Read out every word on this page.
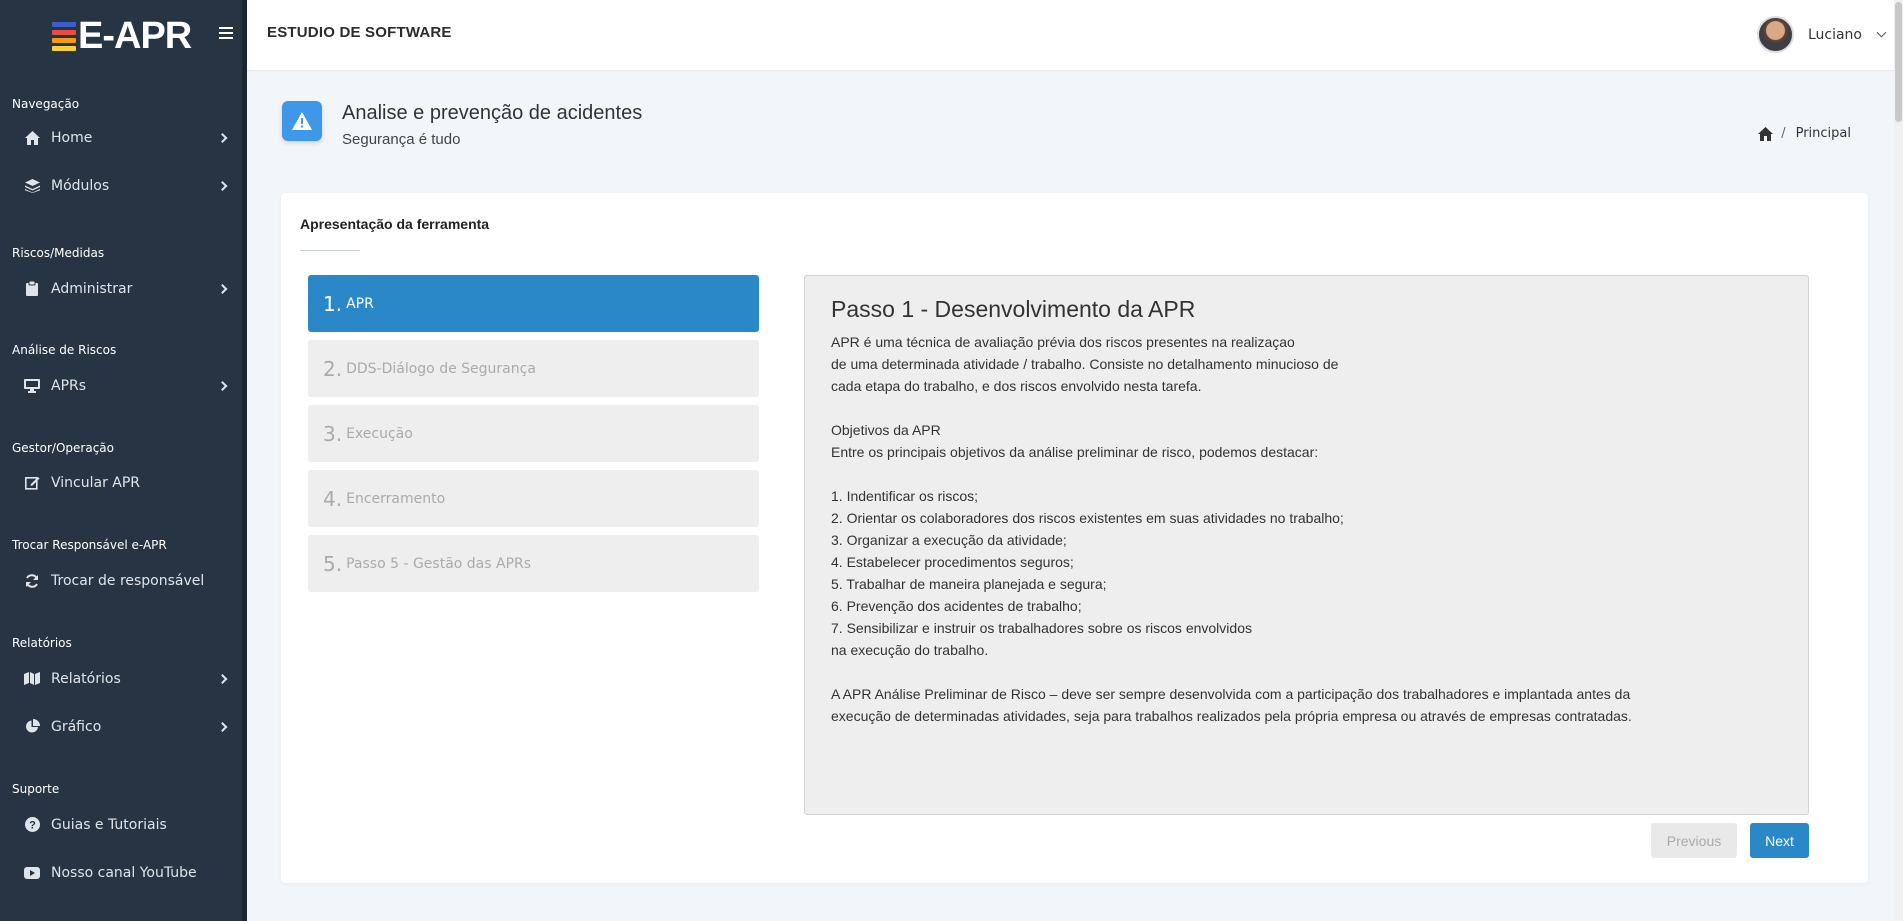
E-APR
Navegação
Home
Módulos
Riscos/Medidas
Administrar
Análise de Riscos
APRs
Gestor/Operação
Vincular APR
Trocar Responsável e-APR
Trocar de responsável
Relatórios
Relatórios
Gráfico
Suporte
? Guias e Tutoriais
Nosso canal YouTube
ESTUDIO DE SOFTWARE	Luciano
Analise e prevenção de acidentes
Segurança é tudo	/ Principal
Apresentação da ferramenta
1. APR
2. DDS-Diálogo de Segurança
3. Execução
4. Encerramento
5. Passo 5 - Gestão das APRs
Passo 1 - Desenvolvimento da APR

APR é uma técnica de avaliação prévia dos riscos presentes na realizaçao

de uma determinada atividade / trabalho. Consiste no detalhamento minucioso de

cada etapa do trabalho, e dos riscos envolvido nesta tarefa.

Objetivos da APR

Entre os principais objetivos da análise preliminar de risco, podemos destacar:

1. Indentificar os riscos;

2. Orientar os colaboradores dos riscos existentes em suas atividades no trabalho;

3. Organizar a execução da atividade;

4. Estabelecer procedimentos seguros;

5. Trabalhar de maneira planejada e segura;

6. Prevenção dos acidentes de trabalho;

7. Sensibilizar e instruir os trabalhadores sobre os riscos envolvidos

na execução do trabalho.

A APR Análise Preliminar de Risco – deve ser sempre desenvolvida com a participação dos trabalhadores e implantada antes da

execução de determinadas atividades, seja para trabalhos realizados pela própria empresa ou através de empresas contratadas.

Previous	Next
